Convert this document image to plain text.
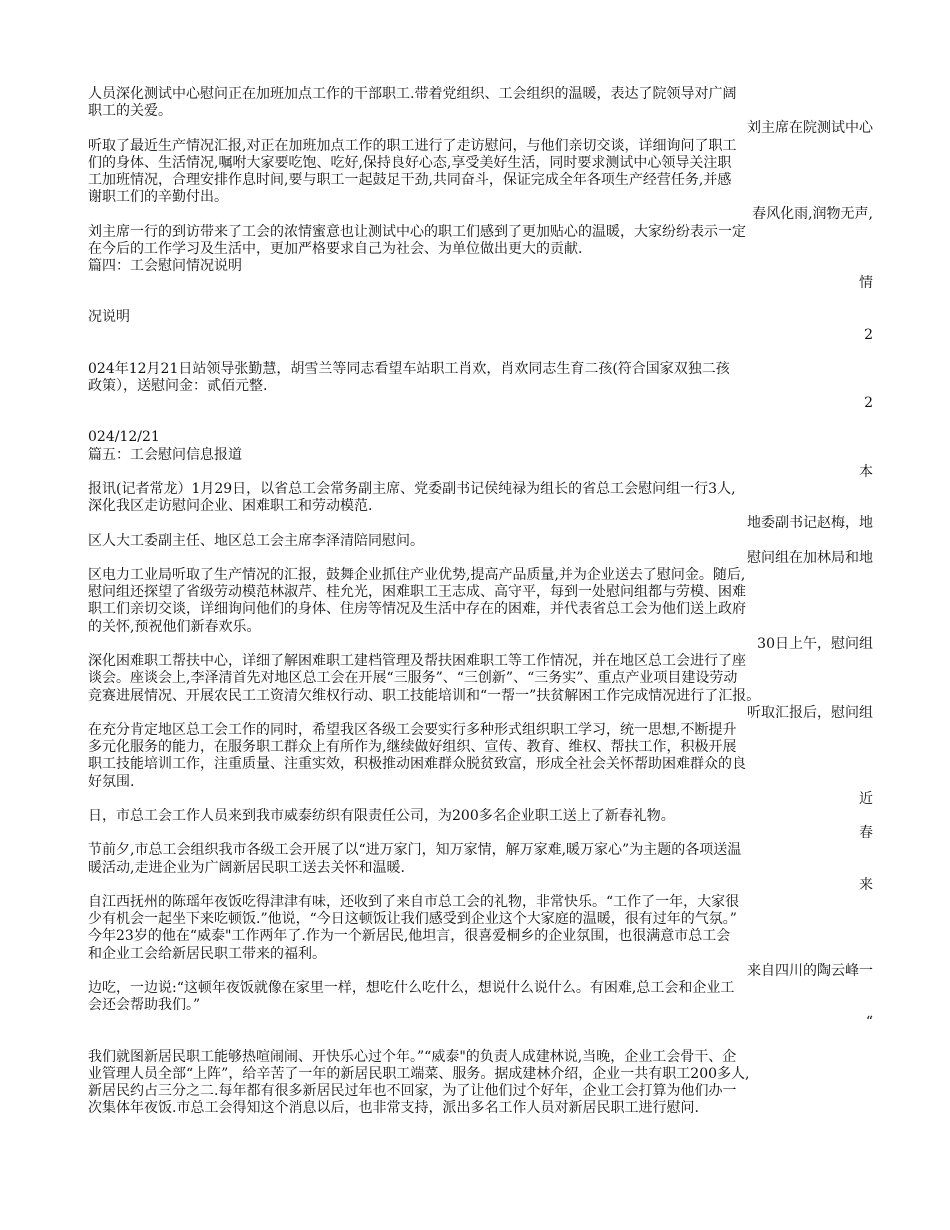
人员深化测试中心慰问正在加班加点工作的干部职工.带着党组织、工会组织的温暖，表达了院领导对广阔
职工的关爱。
刘主席在院测试中心
听取了最近生产情况汇报,对正在加班加点工作的职工进行了走访慰问，与他们亲切交谈，详细询问了职工
们的身体、生活情况,嘱咐大家要吃饱、吃好,保持良好心态,享受美好生活，同时要求测试中心领导关注职
工加班情况，合理安排作息时间,要与职工一起鼓足干劲,共同奋斗，保证完成全年各项生产经营任务,并感
谢职工们的辛勤付出。
春风化雨,润物无声,
刘主席一行的到访带来了工会的浓情蜜意也让测试中心的职工们感到了更加贴心的温暖，大家纷纷表示一定
在今后的工作学习及生活中，更加严格要求自己为社会、为单位做出更大的贡献.
篇四：工会慰问情况说明
情
况说明
2
024年12月21日站领导张勤慧，胡雪兰等同志看望车站职工肖欢，肖欢同志生育二孩(符合国家双独二孩
政策），送慰问金：贰佰元整.
2
024/12/21
篇五：工会慰问信息报道
本
报讯(记者常龙）1月29日，以省总工会常务副主席、党委副书记侯纯禄为组长的省总工会慰问组一行3人,
深化我区走访慰问企业、困难职工和劳动模范.
地委副书记赵梅，地
区人大工委副主任、地区总工会主席李泽清陪同慰问。
慰问组在加林局和地
区电力工业局听取了生产情况的汇报，鼓舞企业抓住产业优势,提高产品质量,并为企业送去了慰问金。随后,
慰问组还探望了省级劳动模范林淑芹、桂允光，困难职工王志成、高守平，每到一处慰问组都与劳模、困难
职工们亲切交谈，详细询问他们的身体、住房等情况及生活中存在的困难，并代表省总工会为他们送上政府
的关怀,预祝他们新春欢乐。
30日上午，慰问组
深化困难职工帮扶中心，详细了解困难职工建档管理及帮扶困难职工等工作情况，并在地区总工会进行了座
谈会。座谈会上,李泽清首先对地区总工会在开展“三服务”、“三创新”、“三务实”、重点产业项目建设劳动
竞赛进展情况、开展农民工工资清欠维权行动、职工技能培训和“一帮一”扶贫解困工作完成情况进行了汇报。
听取汇报后，慰问组
在充分肯定地区总工会工作的同时，希望我区各级工会要实行多种形式组织职工学习，统一思想,不断提升
多元化服务的能力，在服务职工群众上有所作为,继续做好组织、宣传、教育、维权、帮扶工作，积极开展
职工技能培训工作，注重质量、注重实效，积极推动困难群众脱贫致富，形成全社会关怀帮助困难群众的良
好氛围.
近
日，市总工会工作人员来到我市威泰纺织有限责任公司，为200多名企业职工送上了新春礼物。
春
节前夕,市总工会组织我市各级工会开展了以“进万家门，知万家情，解万家难,暖万家心”为主题的各项送温
暖活动,走进企业为广阔新居民职工送去关怀和温暖.
来
自江西抚州的陈瑶年夜饭吃得津津有味，还收到了来自市总工会的礼物，非常快乐。“工作了一年，大家很
少有机会一起坐下来吃顿饭.”他说，“今日这顿饭让我们感受到企业这个大家庭的温暖，很有过年的气氛。”
今年23岁的他在“威泰"工作两年了.作为一个新居民,他坦言，很喜爱桐乡的企业氛围，也很满意市总工会
和企业工会给新居民职工带来的福利。
来自四川的陶云峰一
边吃，一边说:“这顿年夜饭就像在家里一样，想吃什么吃什么，想说什么说什么。有困难,总工会和企业工
会还会帮助我们。”
“
我们就图新居民职工能够热喧闹闹、开快乐心过个年。”“威泰"的负责人成建林说,当晚，企业工会骨干、企
业管理人员全部“上阵”，给辛苦了一年的新居民职工端菜、服务。据成建林介绍，企业一共有职工200多人,
新居民约占三分之二.每年都有很多新居民过年也不回家，为了让他们过个好年，企业工会打算为他们办一
次集体年夜饭.市总工会得知这个消息以后，也非常支持，派出多名工作人员对新居民职工进行慰问.
